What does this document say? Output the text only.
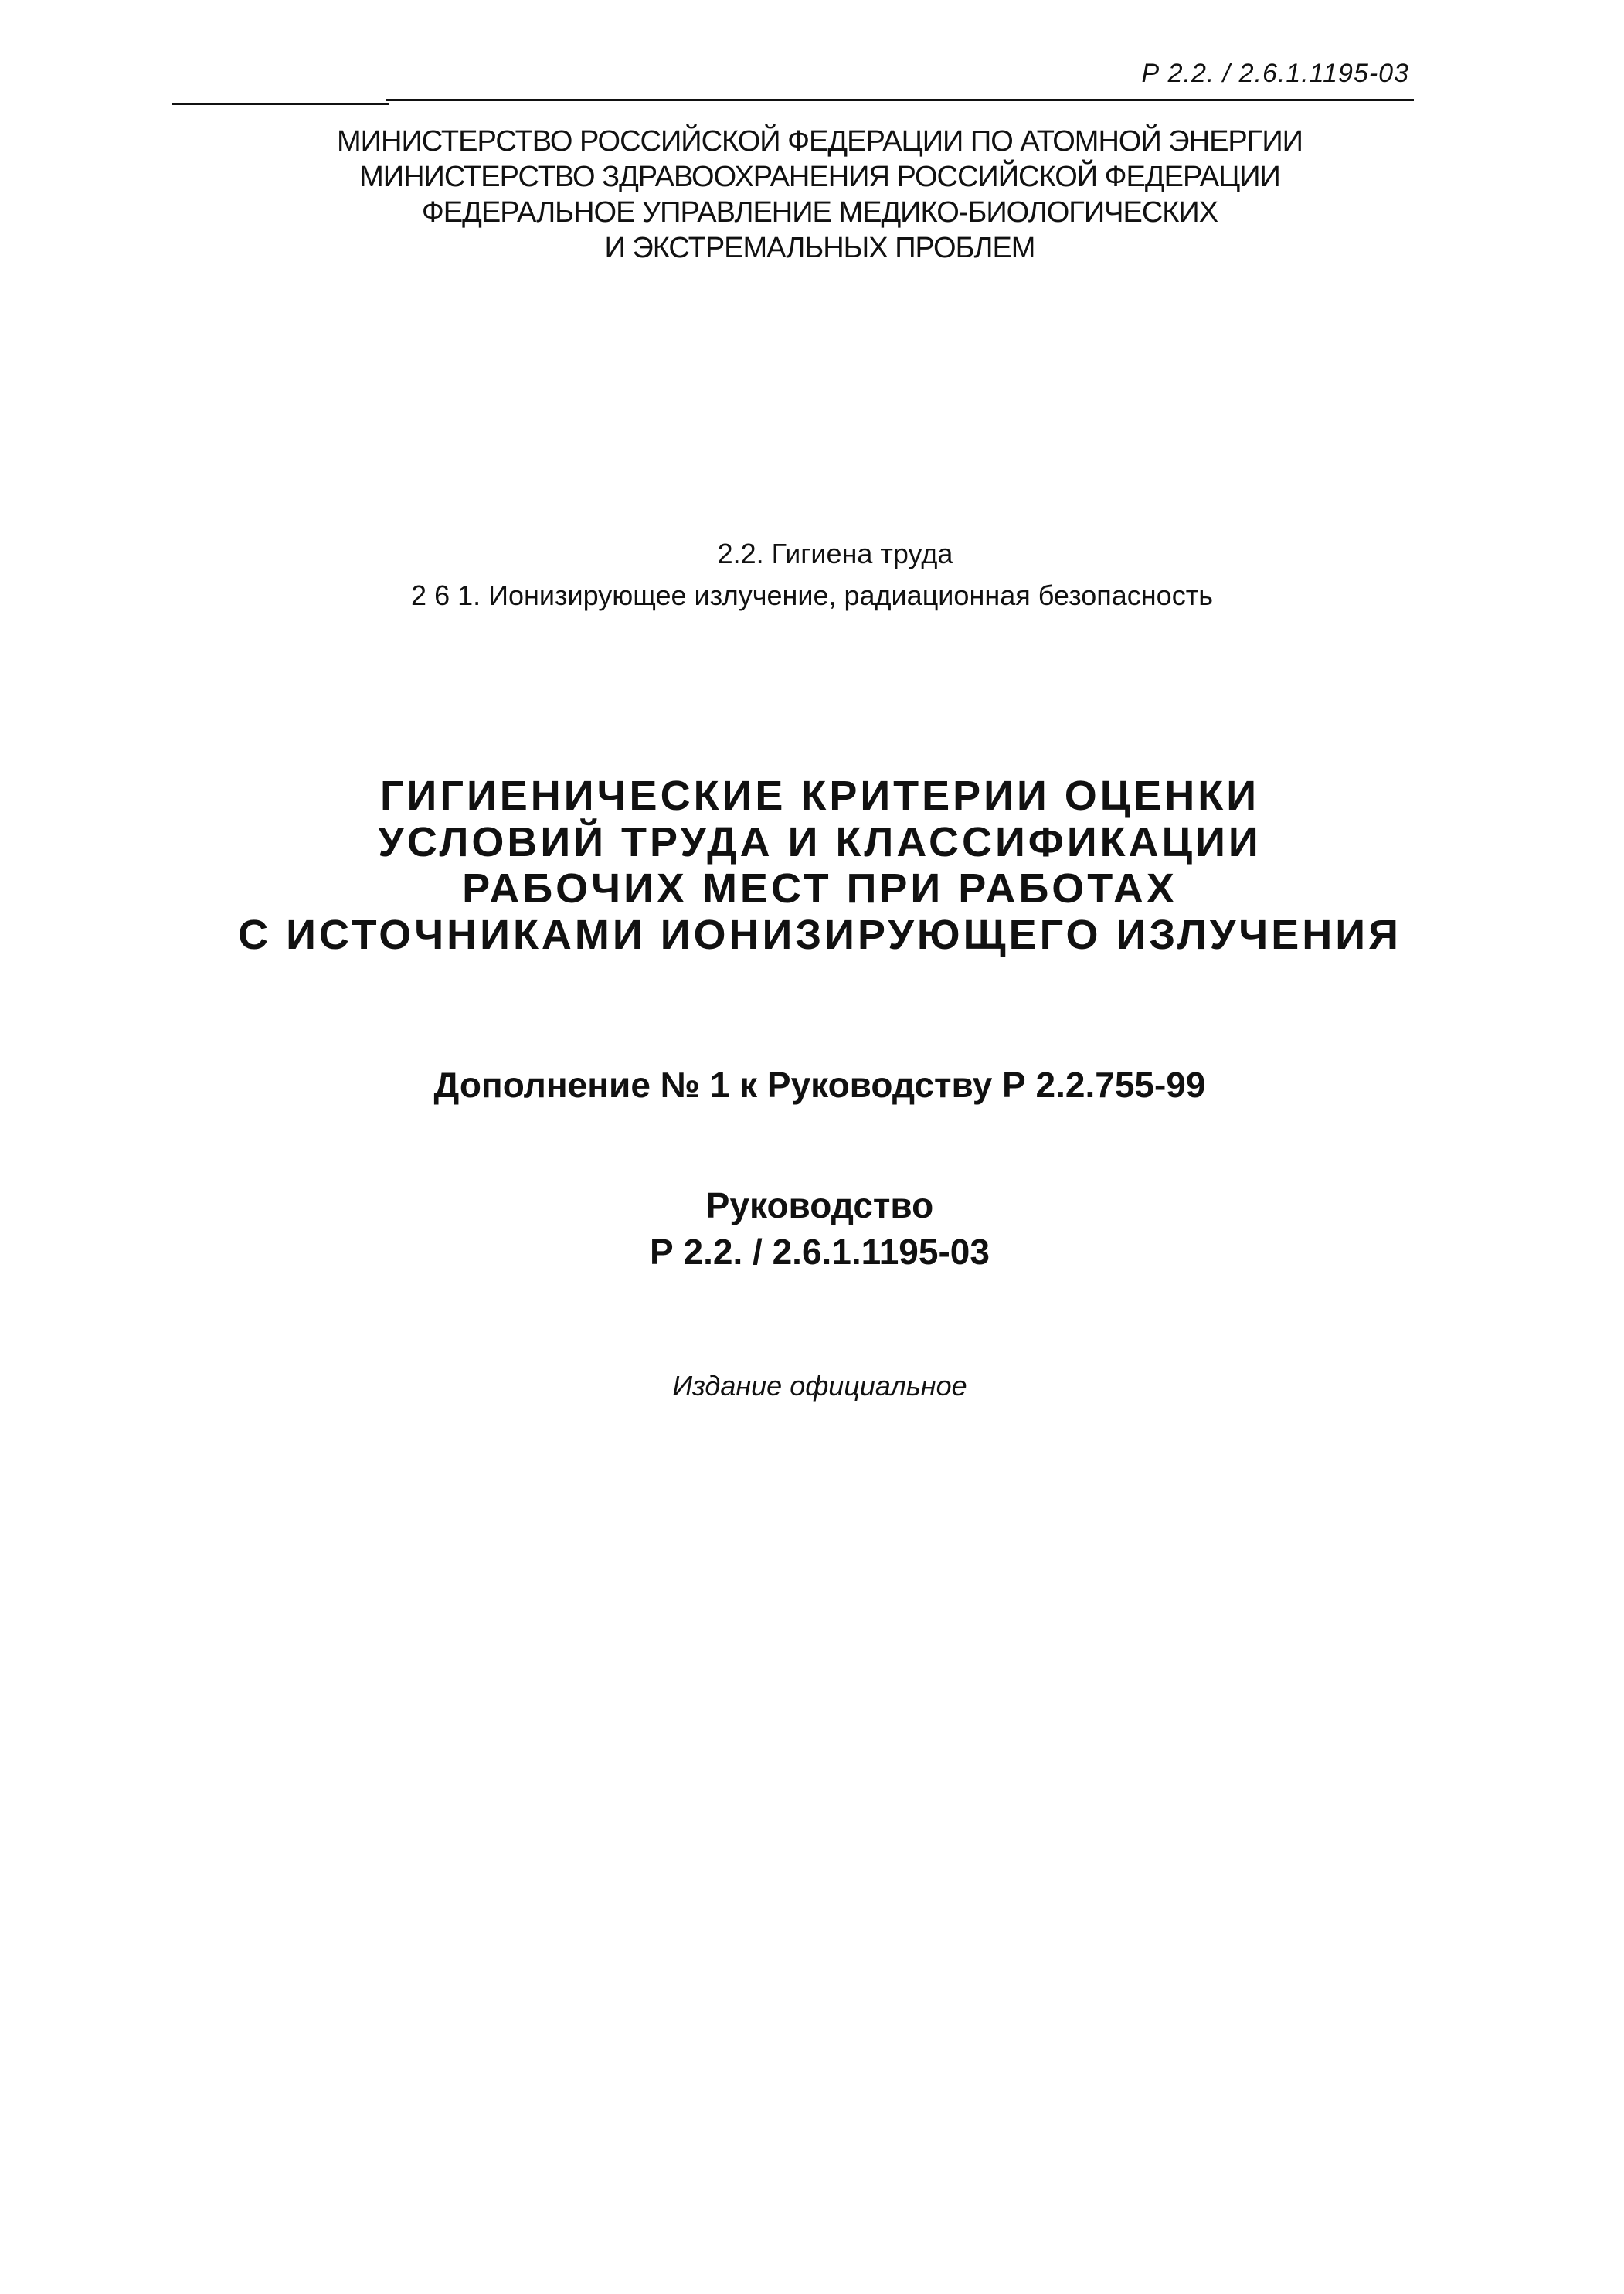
Р 2.2. / 2.6.1.1195-03
МИНИСТЕРСТВО РОССИЙСКОЙ ФЕДЕРАЦИИ ПО АТОМНОЙ ЭНЕРГИИ
МИНИСТЕРСТВО ЗДРАВООХРАНЕНИЯ РОССИЙСКОЙ ФЕДЕРАЦИИ
ФЕДЕРАЛЬНОЕ УПРАВЛЕНИЕ МЕДИКО-БИОЛОГИЧЕСКИХ
И ЭКСТРЕМАЛЬНЫХ ПРОБЛЕМ
2.2. Гигиена труда
2 6 1. Ионизирующее излучение, радиационная безопасность
ГИГИЕНИЧЕСКИЕ КРИТЕРИИ ОЦЕНКИ
УСЛОВИЙ ТРУДА И КЛАССИФИКАЦИИ
РАБОЧИХ МЕСТ ПРИ РАБОТАХ
С ИСТОЧНИКАМИ ИОНИЗИРУЮЩЕГО ИЗЛУЧЕНИЯ
Дополнение № 1 к Руководству Р 2.2.755-99
Руководство
Р 2.2. / 2.6.1.1195-03
Издание официальное
